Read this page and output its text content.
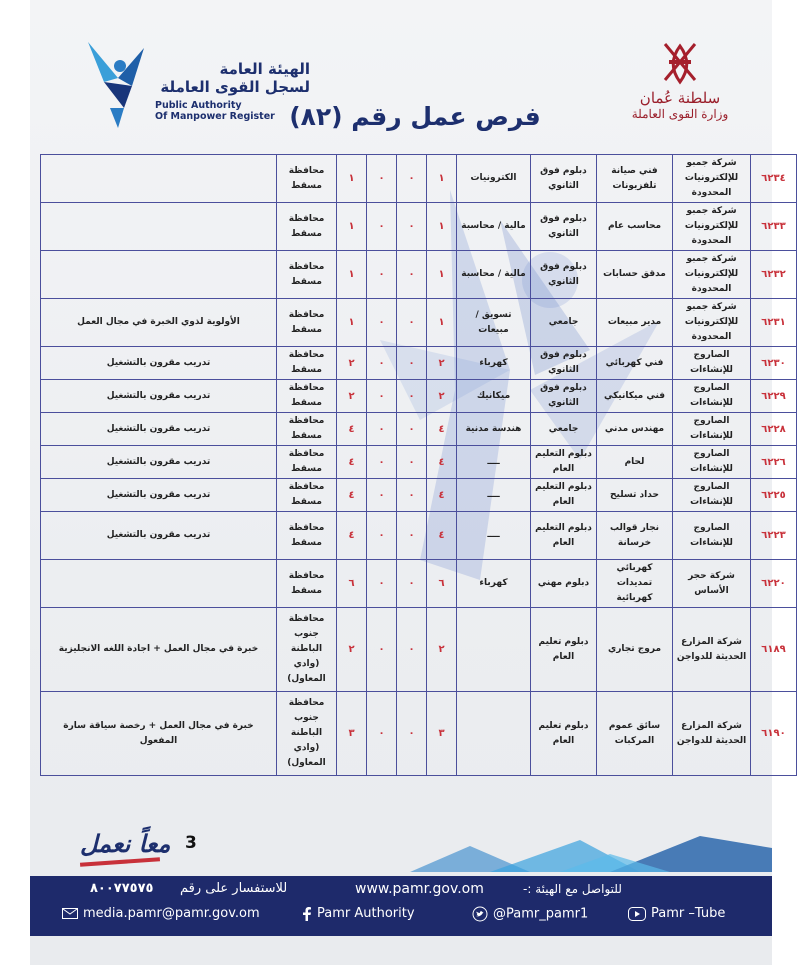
الهيئة العامة
لسجل القوى العاملة
Public Authority
Of Manpower Register
سلطنة عُمان
وزارة القوى العاملة
فرص عمل رقم (٨٢)
٦٢٣٤	شركة جمبو للإلكترونيات المحدودة	فني صيانة تلفزيونات	دبلوم فوق الثانوي	الكترونيات	١	٠	٠	١	محافظة مسقط	
٦٢٣٣	شركة جمبو للإلكترونيات المحدودة	محاسب عام	دبلوم فوق الثانوي	مالية / محاسبة	١	٠	٠	١	محافظة مسقط	
٦٢٣٢	شركة جمبو للإلكترونيات المحدودة	مدقق حسابات	دبلوم فوق الثانوي	مالية / محاسبة	١	٠	٠	١	محافظة مسقط	
٦٢٣١	شركة جمبو للإلكترونيات المحدودة	مدير مبيعات	جامعي	تسويق / مبيعات	١	٠	٠	١	محافظة مسقط	الأولوية لذوي الخبرة في مجال العمل
٦٢٣٠	الصاروج للإنشاءات	فني كهربائي	دبلوم فوق الثانوي	كهرباء	٢	٠	٠	٢	محافظة مسقط	تدريب مقرون بالتشغيل
٦٢٢٩	الصاروج للإنشاءات	فني ميكانيكي	دبلوم فوق الثانوي	ميكانيك	٢	٠	٠	٢	محافظة مسقط	تدريب مقرون بالتشغيل
٦٢٢٨	الصاروج للإنشاءات	مهندس مدني	جامعي	هندسة مدنية	٤	٠	٠	٤	محافظة مسقط	تدريب مقرون بالتشغيل
٦٢٢٦	الصاروج للإنشاءات	لحام	دبلوم التعليم العام	ــــ	٤	٠	٠	٤	محافظة مسقط	تدريب مقرون بالتشغيل
٦٢٢٥	الصاروج للإنشاءات	حداد تسليح	دبلوم التعليم العام	ــــ	٤	٠	٠	٤	محافظة مسقط	تدريب مقرون بالتشغيل
٦٢٢٣	الصاروج للإنشاءات	نجار قوالب خرسانة	دبلوم التعليم العام	ــــ	٤	٠	٠	٤	محافظة مسقط	تدريب مقرون بالتشغيل
٦٢٢٠	شركة حجر الأساس	كهربائي تمديدات كهربائية	دبلوم مهني	كهرباء	٦	٠	٠	٦	محافظة مسقط	
٦١٨٩	شركة المزارع الحديثة للدواجن	مروج تجاري	دبلوم تعليم العام		٢	٠	٠	٢	محافظة جنوب الباطنة (وادي المعاول)	خبرة في مجال العمل + اجادة اللغه الانجليزية
٦١٩٠	شركة المزارع الحديثة للدواجن	سائق عموم المركبات	دبلوم تعليم العام		٣	٠	٠	٣	محافظة جنوب الباطنة (وادي المعاول)	خبرة في مجال العمل + رخصة سياقة سارة المفعول
معاً نعمل 3
٨٠٠٧٧٥٧٥ للاستفسار على رقم	www.pamr.gov.om	للتواصل مع الهيئة :-
media.pamr@pamr.gov.om	Pamr Authority	@Pamr_pamr1	Pamr –Tube
